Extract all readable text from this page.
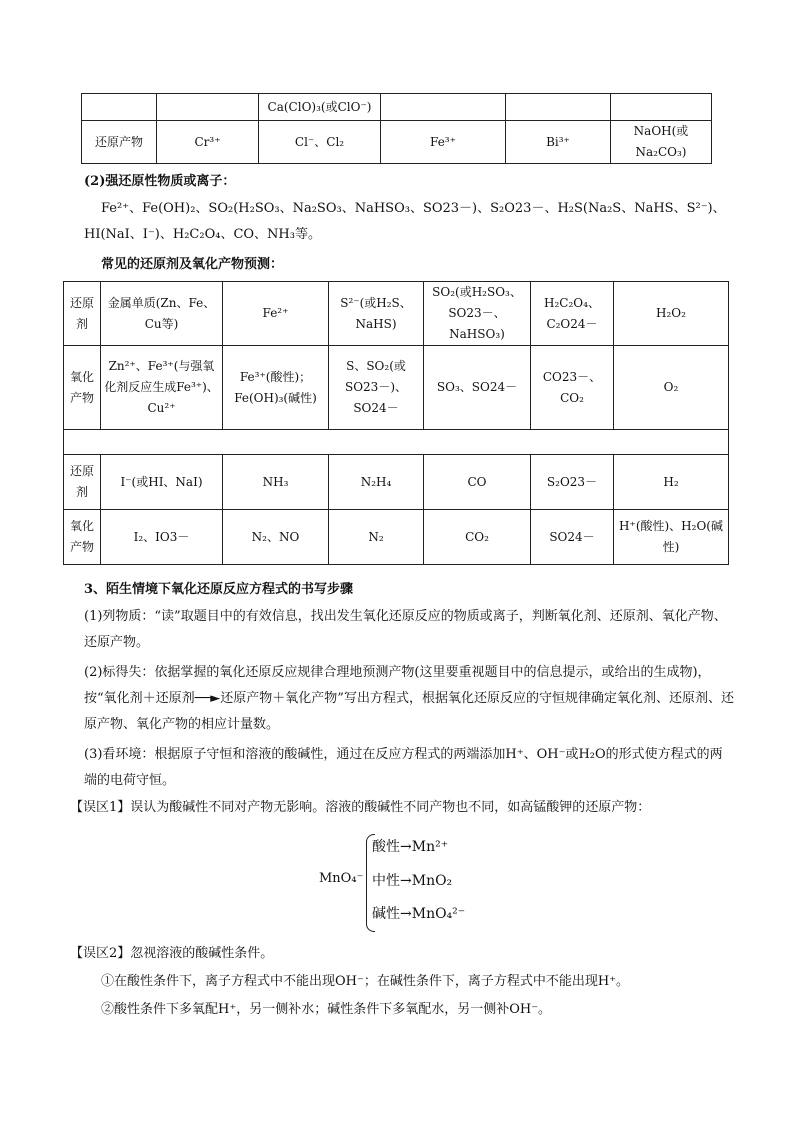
		Ca(ClO)₃(或ClO⁻)			
还原产物	Cr³⁺	Cl⁻、Cl₂	Fe³⁺	Bi³⁺	NaOH(或Na₂CO₃)
(2)强还原性物质或离子：
Fe²⁺、Fe(OH)₂、SO₂(H₂SO₃、Na₂SO₃、NaHSO₃、SO23－)、S₂O23－、H₂S(Na₂S、NaHS、S²⁻)、HI(NaI、I⁻)、H₂C₂O₄、CO、NH₃等。
常见的还原剂及氧化产物预测：
还原剂	金属单质(Zn、Fe、Cu等)	Fe²⁺	S²⁻(或H₂S、NaHS)	SO₂(或H₂SO₃、SO23－、NaHSO₃)	H₂C₂O₄、C₂O24－	H₂O₂
氧化产物	Zn²⁺、Fe³⁺(与强氧化剂反应生成Fe³⁺)、Cu²⁺	Fe³⁺(酸性)；Fe(OH)₃(碱性)	S、SO₂(或SO23－)、SO24－	SO₃、SO24－	CO23－、CO₂	O₂

还原剂	I⁻(或HI、NaI)	NH₃	N₂H₄	CO	S₂O23－	H₂
氧化产物	I₂、IO3－	N₂、NO	N₂	CO₂	SO24－	H⁺(酸性)、H₂O(碱性)
3、陌生情境下氧化还原反应方程式的书写步骤
(1)列物质：“读”取题目中的有效信息，找出发生氧化还原反应的物质或离子，判断氧化剂、还原剂、氧化产物、还原产物。
(2)标得失：依据掌握的氧化还原反应规律合理地预测产物(这里要重视题目中的信息提示，或给出的生成物)，按“氧化剂＋还原剂──►还原产物＋氧化产物”写出方程式，根据氧化还原反应的守恒规律确定氧化剂、还原剂、还原产物、氧化产物的相应计量数。
(3)看环境：根据原子守恒和溶液的酸碱性，通过在反应方程式的两端添加H⁺、OH⁻或H₂O的形式使方程式的两端的电荷守恒。
【误区1】误认为酸碱性不同对产物无影响。溶液的酸碱性不同产物也不同，如高锰酸钾的还原产物：
MnO₄⁻
酸性→Mn²⁺
中性→MnO₂
碱性→MnO₄²⁻
【误区2】忽视溶液的酸碱性条件。
①在酸性条件下，离子方程式中不能出现OH⁻；在碱性条件下，离子方程式中不能出现H⁺。
②酸性条件下多氧配H⁺，另一侧补水；碱性条件下多氧配水，另一侧补OH⁻。
